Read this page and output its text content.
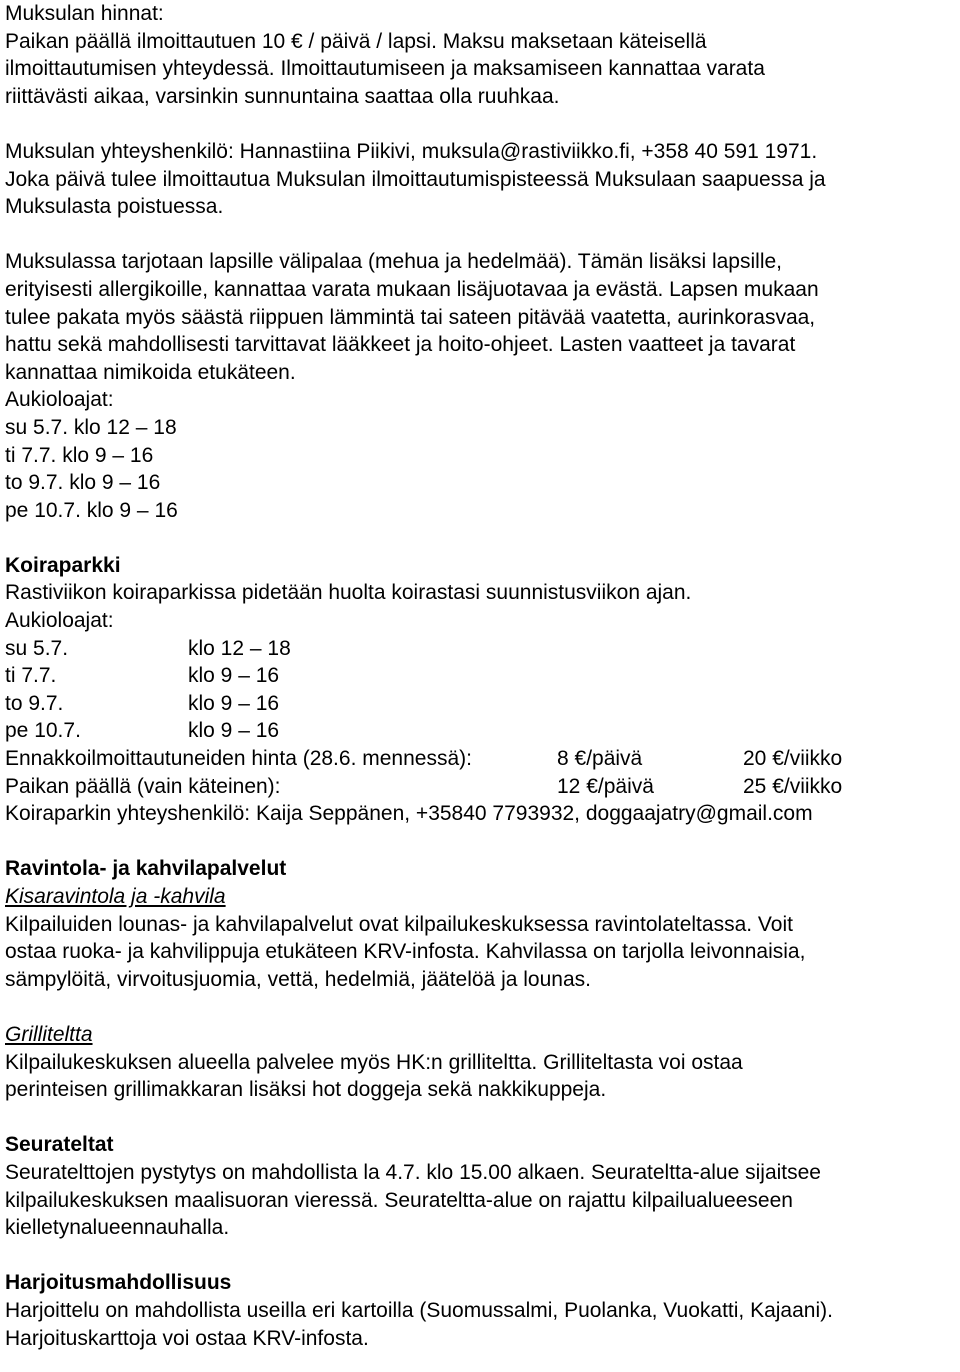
Muksulan hinnat:
Paikan päällä ilmoittautuen 10 € / päivä / lapsi. Maksu maksetaan käteisellä
ilmoittautumisen yhteydessä. Ilmoittautumiseen ja maksamiseen kannattaa varata
riittävästi aikaa, varsinkin sunnuntaina saattaa olla ruuhkaa.
Muksulan yhteyshenkilö: Hannastiina Piikivi, muksula@rastiviikko.fi, +358 40 591 1971.
Joka päivä tulee ilmoittautua Muksulan ilmoittautumispisteessä Muksulaan saapuessa ja
Muksulasta poistuessa.
Muksulassa tarjotaan lapsille välipalaa (mehua ja hedelmää). Tämän lisäksi lapsille,
erityisesti allergikoille, kannattaa varata mukaan lisäjuotavaa ja evästä. Lapsen mukaan
tulee pakata myös säästä riippuen lämmintä tai sateen pitävää vaatetta, aurinkorasvaa,
hattu sekä mahdollisesti tarvittavat lääkkeet ja hoito-ohjeet. Lasten vaatteet ja tavarat
kannattaa nimikoida etukäteen.
Aukioloajat:
su 5.7. klo 12 – 18
ti 7.7. klo 9 – 16
to 9.7. klo 9 – 16
pe 10.7. klo 9 – 16
Koiraparkki
Rastiviikon koiraparkissa pidetään huolta koirastasi suunnistusviikon ajan.
Aukioloajat:
su 5.7.	klo 12 – 18
ti 7.7.	klo 9 – 16
to 9.7.	klo 9 – 16
pe 10.7.	klo 9 – 16
Ennakkoilmoittautuneiden hinta (28.6. mennessä):	8 €/päivä	20 €/viikko
Paikan päällä (vain käteinen):	12 €/päivä	25 €/viikko
Koiraparkin yhteyshenkilö: Kaija Seppänen, +35840 7793932, doggaajatry@gmail.com
Ravintola- ja kahvilapalvelut
Kisaravintola ja -kahvila
Kilpailuiden lounas- ja kahvilapalvelut ovat kilpailukeskuksessa ravintolateltassa. Voit
ostaa ruoka- ja kahvilippuja etukäteen KRV-infosta. Kahvilassa on tarjolla leivonnaisia,
sämpylöitä, virvoitusjuomia, vettä, hedelmiä, jäätelöä ja lounas.
Grilliteltta
Kilpailukeskuksen alueella palvelee myös HK:n grilliteltta. Grilliteltasta voi ostaa
perinteisen grillimakkaran lisäksi hot doggeja sekä nakkikuppeja.
Seurateltat
Seuratelttojen pystytys on mahdollista la 4.7. klo 15.00 alkaen. Seurateltta-alue sijaitsee
kilpailukeskuksen maalisuoran vieressä. Seurateltta-alue on rajattu kilpailualueeseen
kielletynalueennauhalla.
Harjoitusmahdollisuus
Harjoittelu on mahdollista useilla eri kartoilla (Suomussalmi, Puolanka, Vuokatti, Kajaani).
Harjoituskarttoja voi ostaa KRV-infosta.
